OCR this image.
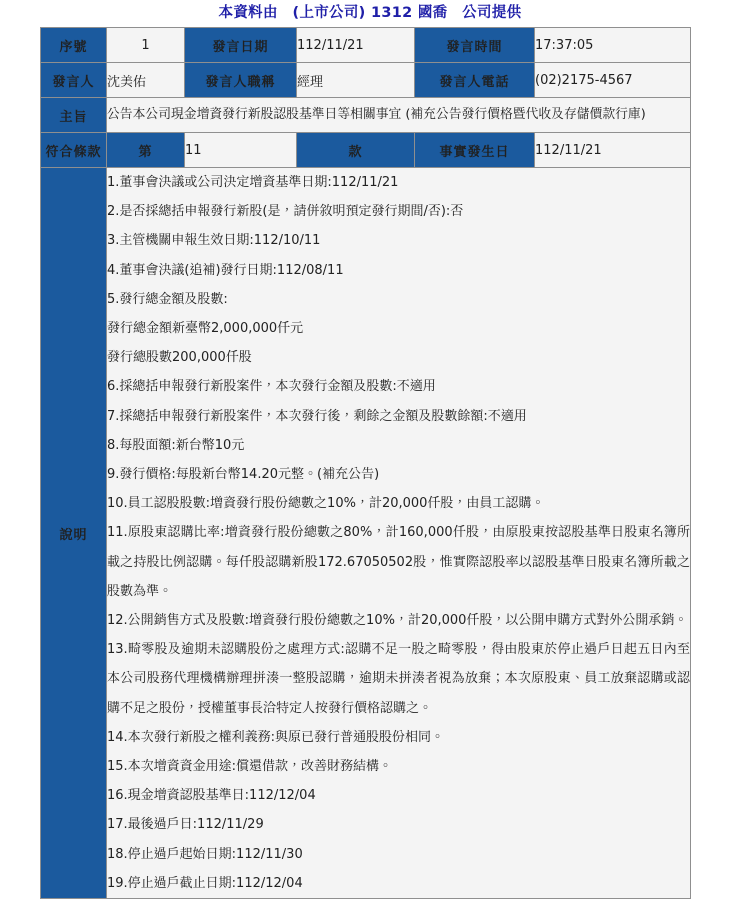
本資料由　(上市公司) 1312 國喬　公司提供
序號	1	發言日期	112/11/21	發言時間	17:37:05
發言人	沈美佑	發言人職稱	經理	發言人電話	(02)2175-4567
主旨	公告本公司現金增資發行新股認股基準日等相關事宜 (補充公告發行價格暨代收及存儲價款行庫)				
符合條款	第	11	款	事實發生日	112/11/21
說明	
1.董事會決議或公司決定增資基準日期:112/11/21
2.是否採總括申報發行新股(是，請併敘明預定發行期間/否):否
3.主管機關申報生效日期:112/10/11
4.董事會決議(追補)發行日期:112/08/11
5.發行總金額及股數:
發行總金額新臺幣2,000,000仟元
發行總股數200,000仟股
6.採總括申報發行新股案件，本次發行金額及股數:不適用
7.採總括申報發行新股案件，本次發行後，剩餘之金額及股數餘額:不適用
8.每股面額:新台幣10元
9.發行價格:每股新台幣14.20元整。(補充公告)
10.員工認股股數:增資發行股份總數之10%，計20,000仟股，由員工認購。
11.原股東認購比率:增資發行股份總數之80%，計160,000仟股，由原股東按認股基準日股東名簿所載之持股比例認購。每仟股認購新股172.67050502股，惟實際認股率以認股基準日股東名簿所載之股數為準。
12.公開銷售方式及股數:增資發行股份總數之10%，計20,000仟股，以公開申購方式對外公開承銷。
13.畸零股及逾期未認購股份之處理方式:認購不足一股之畸零股，得由股東於停止過戶日起五日內至本公司股務代理機構辦理拼湊一整股認購，逾期未拼湊者視為放棄；本次原股東、員工放棄認購或認購不足之股份，授權董事長洽特定人按發行價格認購之。
14.本次發行新股之權利義務:與原已發行普通股股份相同。
15.本次增資資金用途:償還借款，改善財務結構。
16.現金增資認股基準日:112/12/04
17.最後過戶日:112/11/29
18.停止過戶起始日期:112/11/30
19.停止過戶截止日期:112/12/04
